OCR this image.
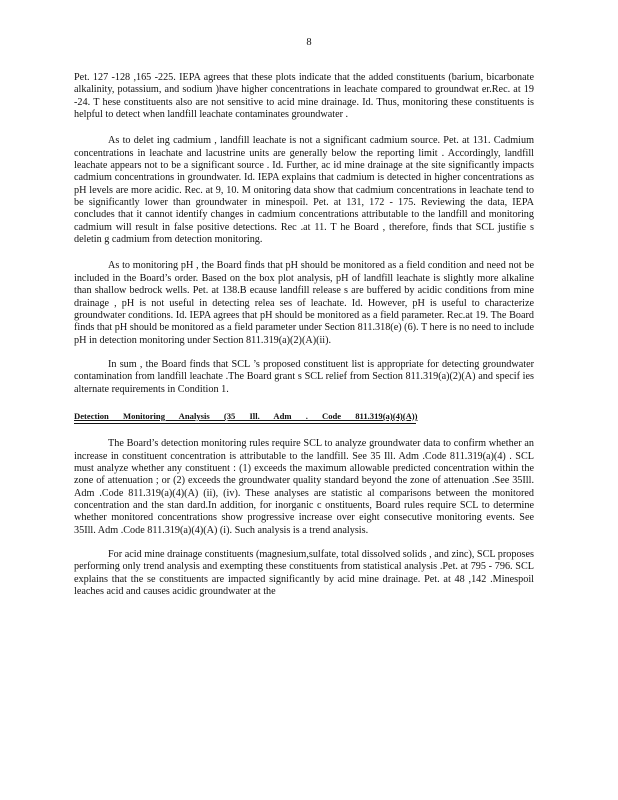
8

Pet. 127 -128 ,165 -225. IEPA agrees that these plots indicate that the added constituents (barium, bicarbonate alkalinity, potassium, and sodium )have higher concentrations in leachate compared to groundwat er.Rec. at 19 -24. T hese constituents also are not sensitive to acid mine drainage. Id. Thus, monitoring these constituents is helpful to detect when landfill leachate contaminates groundwater .

As to delet ing cadmium , landfill leachate is not a significant cadmium source. Pet. at 131. Cadmium concentrations in leachate and lacustrine units are generally below the reporting limit . Accordingly, landfill leachate appears not to be a significant source . Id. Further, ac id mine drainage at the site significantly impacts cadmium concentrations in groundwater. Id. IEPA explains that cadmium is detected in higher concentrations as pH levels are more acidic. Rec. at 9, 10. M onitoring data show that cadmium concentrations in leachate tend to be significantly lower than groundwater in minespoil. Pet. at 131, 172 - 175. Reviewing the data, IEPA concludes that it cannot identify changes in cadmium concentrations attributable to the landfill and monitoring cadmium will result in false positive detections. Rec .at 11. T he Board , therefore, finds that SCL justifie s deletin g cadmium from detection monitoring.

As to monitoring pH , the Board finds that pH should be monitored as a field condition and need not be included in the Board’s order. Based on the box plot analysis, pH of landfill leachate is slightly more alkaline than shallow bedrock wells. Pet. at 138.B ecause landfill release s are buffered by acidic conditions from mine drainage , pH is not useful in detecting relea ses of leachate. Id. However, pH is useful to characterize groundwater conditions. Id. IEPA agrees that pH should be monitored as a field parameter. Rec.at 19. The Board finds that pH should be monitored as a field parameter under Section 811.318(e) (6). T here is no need to include pH in detection monitoring under Section 811.319(a)(2)(A)(ii).

In sum , the Board finds that SCL ’s proposed constituent list is appropriate for detecting groundwater contamination from landfill leachate .The Board grant s SCL relief from Section 811.319(a)(2)(A) and specif ies alternate requirements in Condition 1.

Detection Monitoring Analysis (35 Ill. Adm . Code 811.319(a)(4)(A))

The Board’s detection monitoring rules require SCL to analyze groundwater data to confirm whether an increase in constituent concentration is attributable to the landfill. See 35 Ill. Adm .Code 811.319(a)(4) . SCL must analyze whether any constituent : (1) exceeds the maximum allowable predicted concentration within the zone of attenuation ; or (2) exceeds the groundwater quality standard beyond the zone of attenuation .See 35Ill. Adm .Code 811.319(a)(4)(A) (ii), (iv). These analyses are statistic al comparisons between the monitored concentration and the stan dard.In addition, for inorganic c onstituents, Board rules require SCL to determine whether monitored concentrations show progressive increase over eight consecutive monitoring events. See 35Ill. Adm .Code 811.319(a)(4)(A) (i). Such analysis is a trend analysis.

For acid mine drainage constituents (magnesium,sulfate, total dissolved solids , and zinc), SCL proposes performing only trend analysis and exempting these constituents from statistical analysis .Pet. at 795 - 796. SCL explains that the se constituents are impacted significantly by acid mine drainage. Pet. at 48 ,142 .Minespoil leaches acid and causes acidic groundwater at the
